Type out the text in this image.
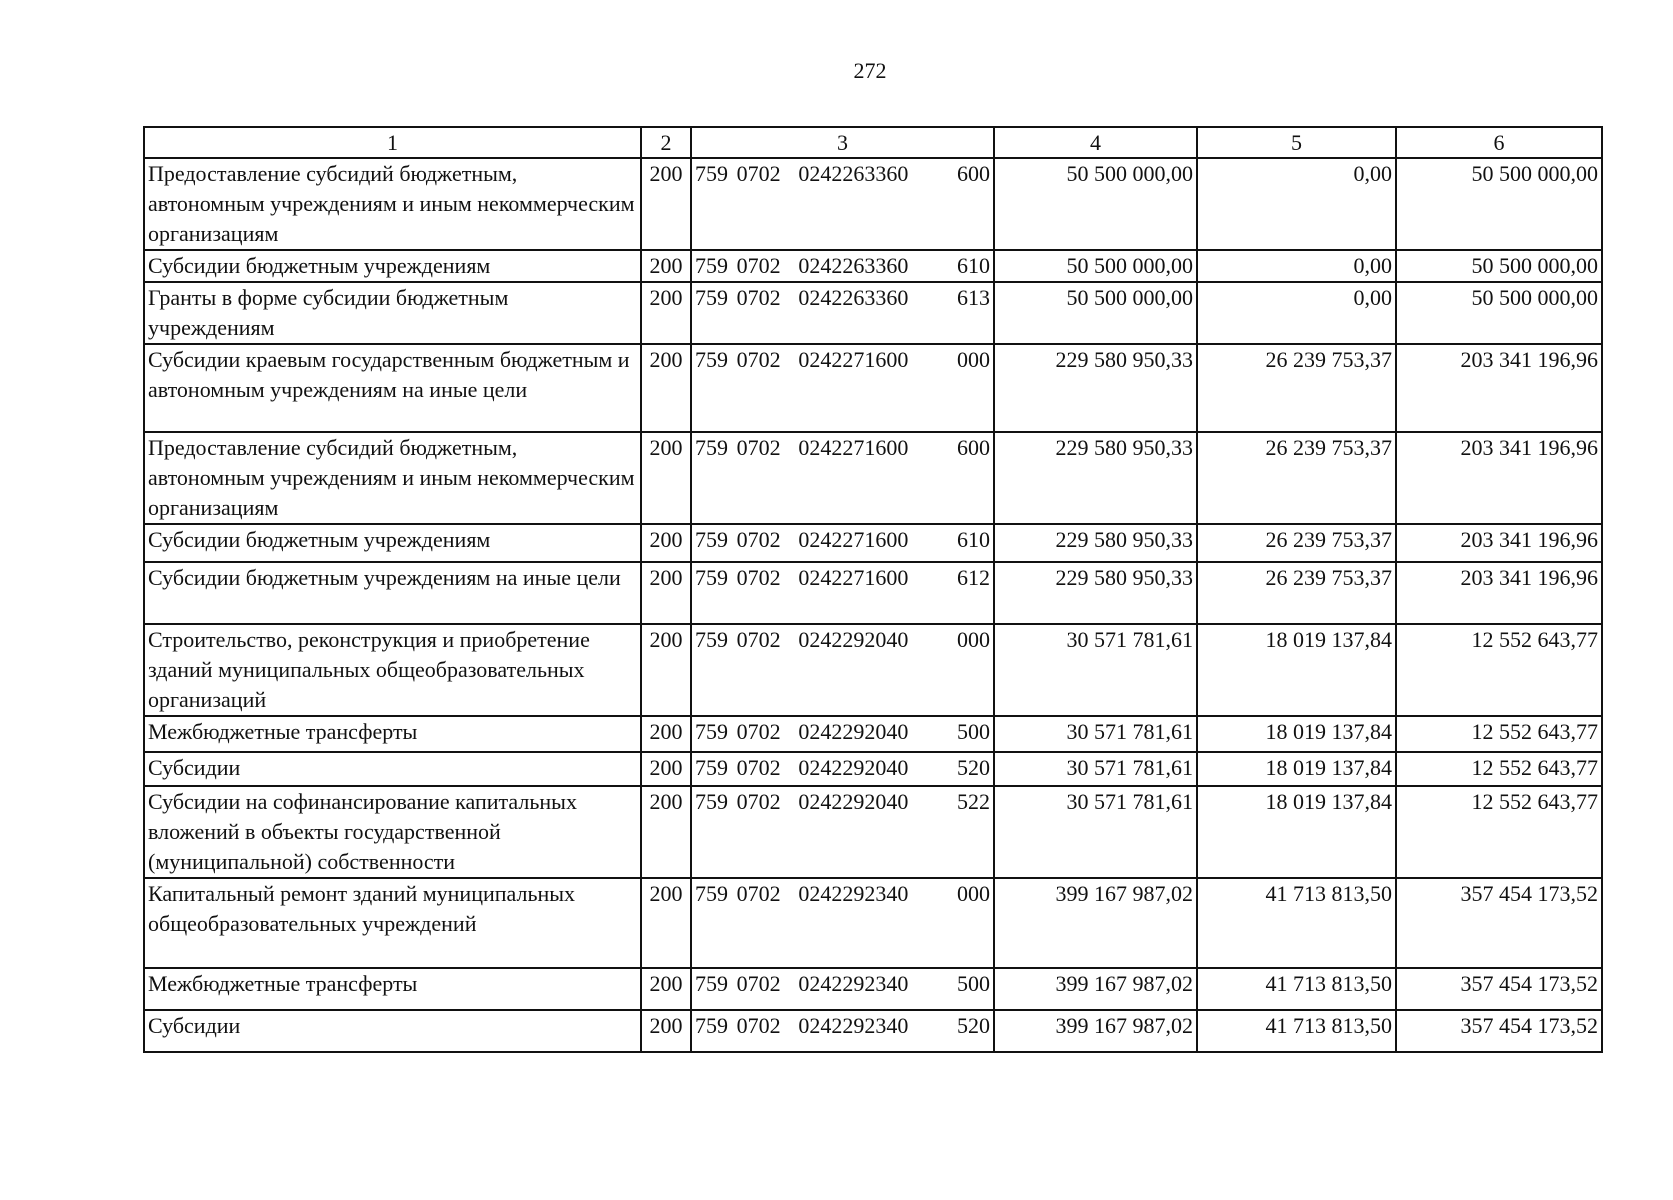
272
1	2	3	4	5	6
Предоставление субсидий бюджетным, автономным учреждениям и иным некоммерческим организациям	200	759 0702 0242263360 600	50 500 000,00	0,00	50 500 000,00
Субсидии бюджетным учреждениям	200	759 0702 0242263360 610	50 500 000,00	0,00	50 500 000,00
Гранты в форме субсидии бюджетным учреждениям	200	759 0702 0242263360 613	50 500 000,00	0,00	50 500 000,00
Субсидии краевым государственным бюджетным и автономным учреждениям на иные цели	200	759 0702 0242271600 000	229 580 950,33	26 239 753,37	203 341 196,96
Предоставление субсидий бюджетным, автономным учреждениям и иным некоммерческим организациям	200	759 0702 0242271600 600	229 580 950,33	26 239 753,37	203 341 196,96
Субсидии бюджетным учреждениям	200	759 0702 0242271600 610	229 580 950,33	26 239 753,37	203 341 196,96
Субсидии бюджетным учреждениям на иные цели	200	759 0702 0242271600 612	229 580 950,33	26 239 753,37	203 341 196,96
Строительство, реконструкция и приобретение зданий муниципальных общеобразовательных организаций	200	759 0702 0242292040 000	30 571 781,61	18 019 137,84	12 552 643,77
Межбюджетные трансферты	200	759 0702 0242292040 500	30 571 781,61	18 019 137,84	12 552 643,77
Субсидии	200	759 0702 0242292040 520	30 571 781,61	18 019 137,84	12 552 643,77
Субсидии на софинансирование капитальных вложений в объекты государственной (муниципальной) собственности	200	759 0702 0242292040 522	30 571 781,61	18 019 137,84	12 552 643,77
Капитальный ремонт зданий муниципальных общеобразовательных учреждений	200	759 0702 0242292340 000	399 167 987,02	41 713 813,50	357 454 173,52
Межбюджетные трансферты	200	759 0702 0242292340 500	399 167 987,02	41 713 813,50	357 454 173,52
Субсидии	200	759 0702 0242292340 520	399 167 987,02	41 713 813,50	357 454 173,52
